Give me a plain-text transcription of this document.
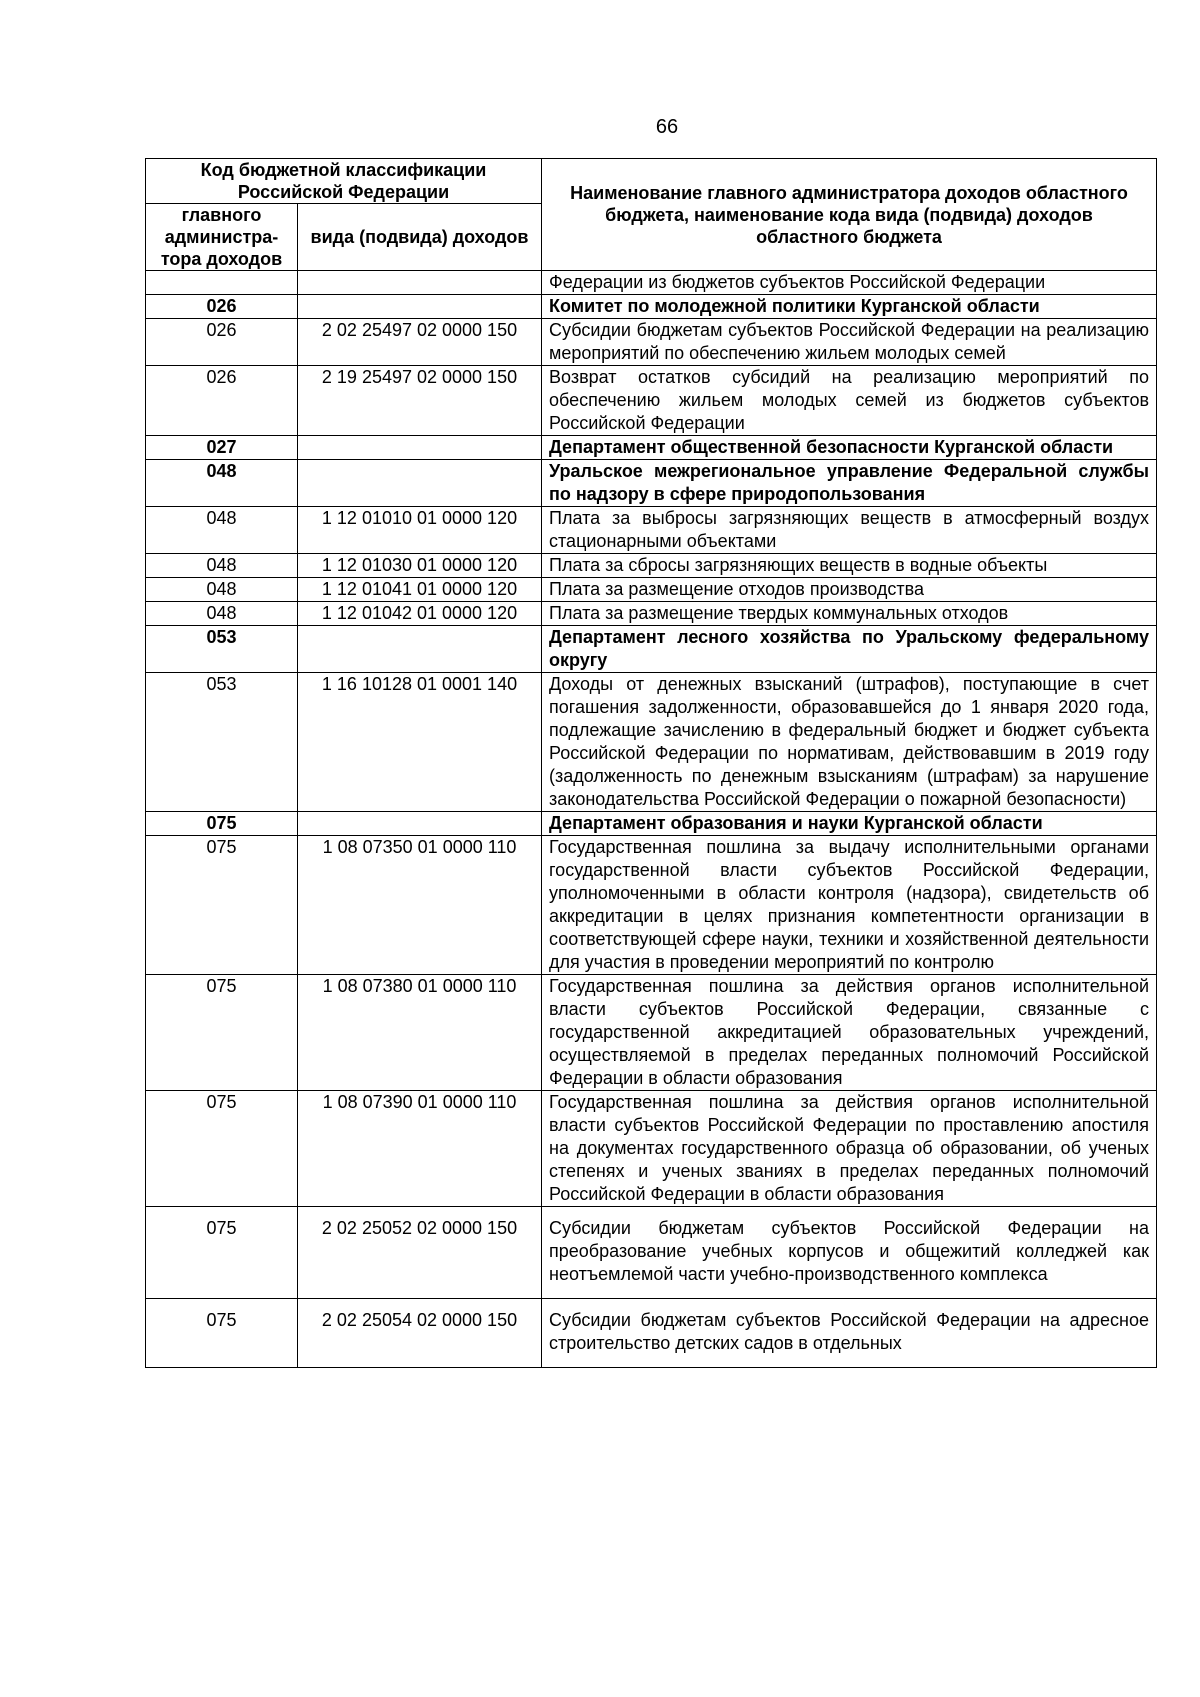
66
Код бюджетной классификации Российской Федерации		Наименование главного администратора доходов областного бюджета, наименование кода вида (подвида) доходов областного бюджета
главного администра-тора доходов	вида (подвида) доходов	
		Федерации из бюджетов субъектов Российской Федерации
026		Комитет по молодежной политики Курганской области
026	2 02 25497 02 0000 150	Субсидии бюджетам субъектов Российской Федерации на реализацию мероприятий по обеспечению жильем молодых семей
026	2 19 25497 02 0000 150	Возврат остатков субсидий на реализацию мероприятий по обеспечению жильем молодых семей из бюджетов субъектов Российской Федерации
027		Департамент общественной безопасности Курганской области
048		Уральское межрегиональное управление Федеральной службы по надзору в сфере природопользования
048	1 12 01010 01 0000 120	Плата за выбросы загрязняющих веществ в атмосферный воздух стационарными объектами
048	1 12 01030 01 0000 120	Плата за сбросы загрязняющих веществ в водные объекты
048	1 12 01041 01 0000 120	Плата за размещение отходов производства
048	1 12 01042 01 0000 120	Плата за размещение твердых коммунальных отходов
053		Департамент лесного хозяйства по Уральскому федеральному округу
053	1 16 10128 01 0001 140	Доходы от денежных взысканий (штрафов), поступающие в счет погашения задолженности, образовавшейся до 1 января 2020 года, подлежащие зачислению в федеральный бюджет и бюджет субъекта Российской Федерации по нормативам, действовавшим в 2019 году (задолженность по денежным взысканиям (штрафам) за нарушение законодательства Российской Федерации о пожарной безопасности)
075		Департамент образования и науки Курганской области
075	1 08 07350 01 0000 110	Государственная пошлина за выдачу исполнительными органами государственной власти субъектов Российской Федерации, уполномоченными в области контроля (надзора), свидетельств об аккредитации в целях признания компетентности организации в соответствующей сфере науки, техники и хозяйственной деятельности для участия в проведении мероприятий по контролю
075	1 08 07380 01 0000 110	Государственная пошлина за действия органов исполнительной власти субъектов Российской Федерации, связанные с государственной аккредитацией образовательных учреждений, осуществляемой в пределах переданных полномочий Российской Федерации в области образования
075	1 08 07390 01 0000 110	Государственная пошлина за действия органов исполнительной власти субъектов Российской Федерации по проставлению апостиля на документах государственного образца об образовании, об ученых степенях и ученых званиях в пределах переданных полномочий Российской Федерации в области образования
075	2 02 25052 02 0000 150	Субсидии бюджетам субъектов Российской Федерации на преобразование учебных корпусов и общежитий колледжей как неотъемлемой части учебно-производственного комплекса
075	2 02 25054 02 0000 150	Субсидии бюджетам субъектов Российской Федерации на адресное строительство детских садов в отдельных
